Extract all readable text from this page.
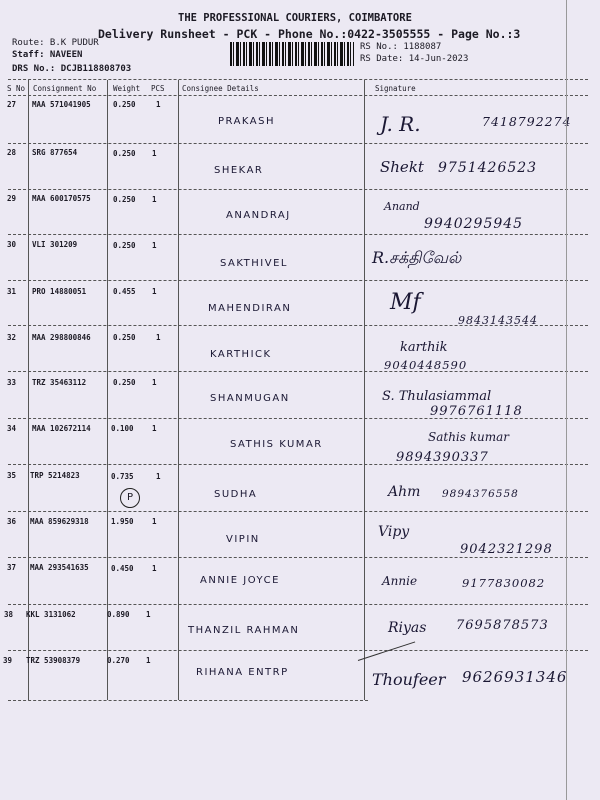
THE PROFESSIONAL COURIERS, COIMBATORE
Delivery Runsheet - PCK - Phone No.:0422-3505555 - Page No.:3
Route: B.K PUDUR
Staff: NAVEEN
DRS No.: DCJB118808703
RS No.: 1188087
RS Date: 14-Jun-2023
S No Consignment No Weight PCS Consignee Details	Signature
27 MAA 571041905	0.250	1
PRAKASH	J. R.	7418792274
28 SRG 877654	0.250 1
SHEKAR	Shekt 9751426523
29 MAA 600170575	0.250 1
ANANDRAJ
Anand
9940295945
30 VLI 301209	0.250 1
SAKTHIVEL	R.சக்திவேல்
31 PRO 14880051	0.455 1
MAHENDIRAN	Mf
9843143544
32 MAA 298800846	0.250	1
KARTHICK	karthik
9040448590
33 TRZ 35463112	0.250 1
SHANMUGAN	S. Thulasiammal
9976761118
34 MAA 102672114	0.100 1
SATHIS KUMAR
Sathis kumar
9894390337
35 TRP 5214823	0.735	1
P	SUDHA	Ahm 9894376558
36 MAA 859629318	1.950 1
VIPIN	Vipy
9042321298
37 MAA 293541635	0.450 1
ANNIE JOYCE	Annie	9177830082
38 KKL 3131062	0.890 1
THANZIL RAHMAN	Riyas 7695878573
39 TRZ 53908379	0.270 1
RIHANA ENTRP	Thoufeer 9626931346
